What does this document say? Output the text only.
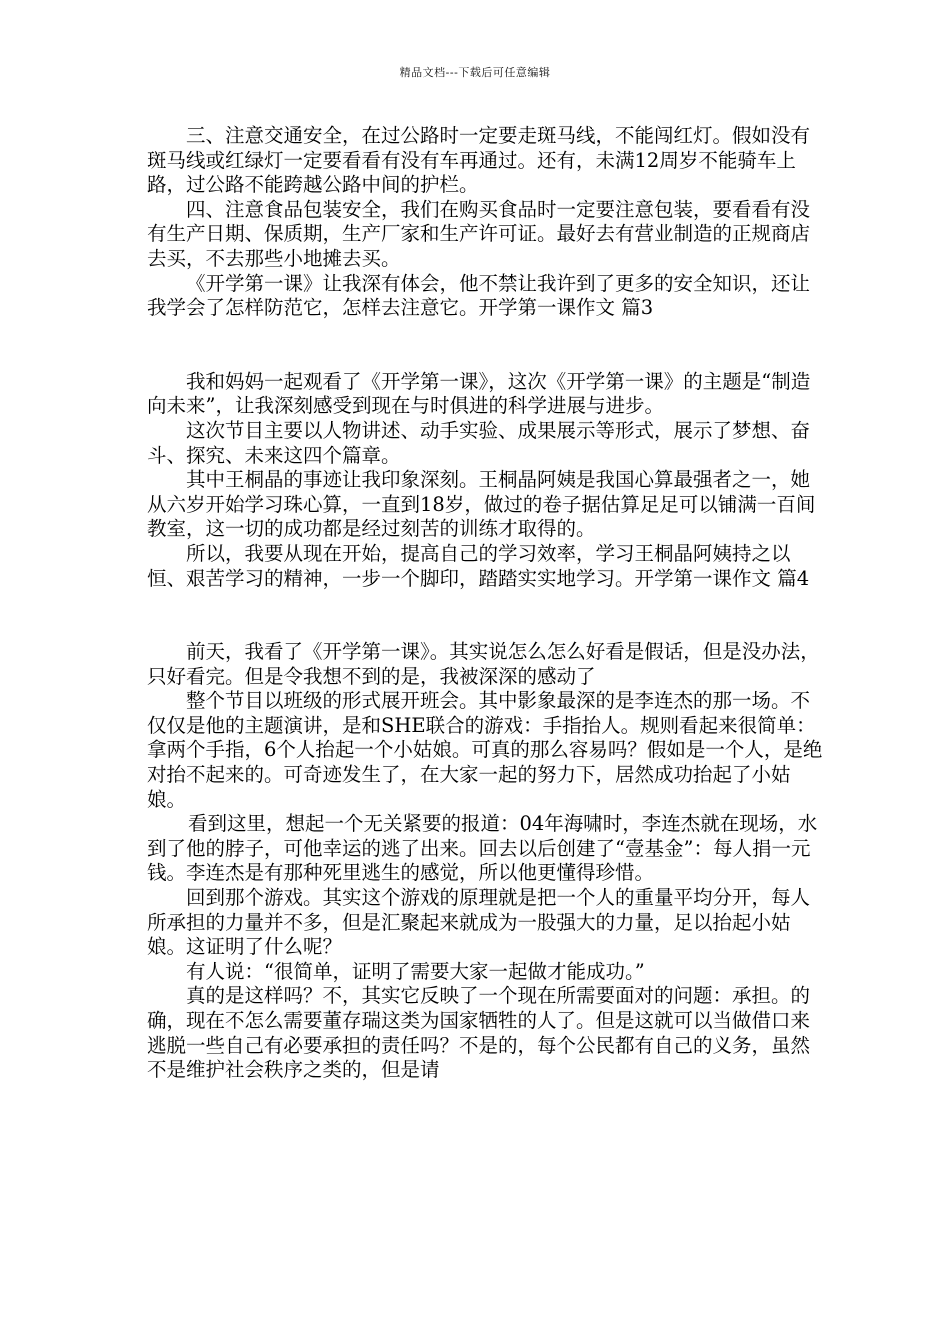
精品文档---下载后可任意编辑

三、注意交通安全，在过公路时一定要走斑马线，不能闯红灯。假如没有斑马线或红绿灯一定要看看有没有车再通过。还有，未满12周岁不能骑车上路，过公路不能跨越公路中间的护栏。

四、注意食品包装安全，我们在购买食品时一定要注意包装，要看看有没有生产日期、保质期，生产厂家和生产许可证。最好去有营业制造的正规商店去买，不去那些小地摊去买。

《开学第一课》让我深有体会，他不禁让我许到了更多的安全知识，还让我学会了怎样防范它，怎样去注意它。开学第一课作文 篇3

我和妈妈一起观看了《开学第一课》，这次《开学第一课》的主题是“制造向未来”，让我深刻感受到现在与时俱进的科学进展与进步。

这次节目主要以人物讲述、动手实验、成果展示等形式，展示了梦想、奋斗、探究、未来这四个篇章。

其中王桐晶的事迹让我印象深刻。王桐晶阿姨是我国心算最强者之一，她从六岁开始学习珠心算，一直到18岁，做过的卷子据估算足足可以铺满一百间教室，这一切的成功都是经过刻苦的训练才取得的。

所以，我要从现在开始，提高自己的学习效率，学习王桐晶阿姨持之以恒、艰苦学习的精神，一步一个脚印，踏踏实实地学习。开学第一课作文 篇4

前天，我看了《开学第一课》。其实说怎么怎么好看是假话，但是没办法，只好看完。但是令我想不到的是，我被深深的感动了

整个节目以班级的形式展开班会。其中影象最深的是李连杰的那一场。不仅仅是他的主题演讲，是和SHE联合的游戏：手指抬人。规则看起来很简单：拿两个手指，6个人抬起一个小姑娘。可真的那么容易吗？假如是一个人，是绝对抬不起来的。可奇迹发生了，在大家一起的努力下，居然成功抬起了小姑娘。

看到这里，想起一个无关紧要的报道：04年海啸时，李连杰就在现场，水到了他的脖子，可他幸运的逃了出来。回去以后创建了“壹基金”：每人捐一元钱。李连杰是有那种死里逃生的感觉，所以他更懂得珍惜。

回到那个游戏。其实这个游戏的原理就是把一个人的重量平均分开，每人所承担的力量并不多，但是汇聚起来就成为一股强大的力量，足以抬起小姑娘。这证明了什么呢？

有人说：“很简单，证明了需要大家一起做才能成功。”

真的是这样吗？不，其实它反映了一个现在所需要面对的问题：承担。的确，现在不怎么需要董存瑞这类为国家牺牲的人了。但是这就可以当做借口来逃脱一些自己有必要承担的责任吗？不是的，每个公民都有自己的义务，虽然不是维护社会秩序之类的，但是请
